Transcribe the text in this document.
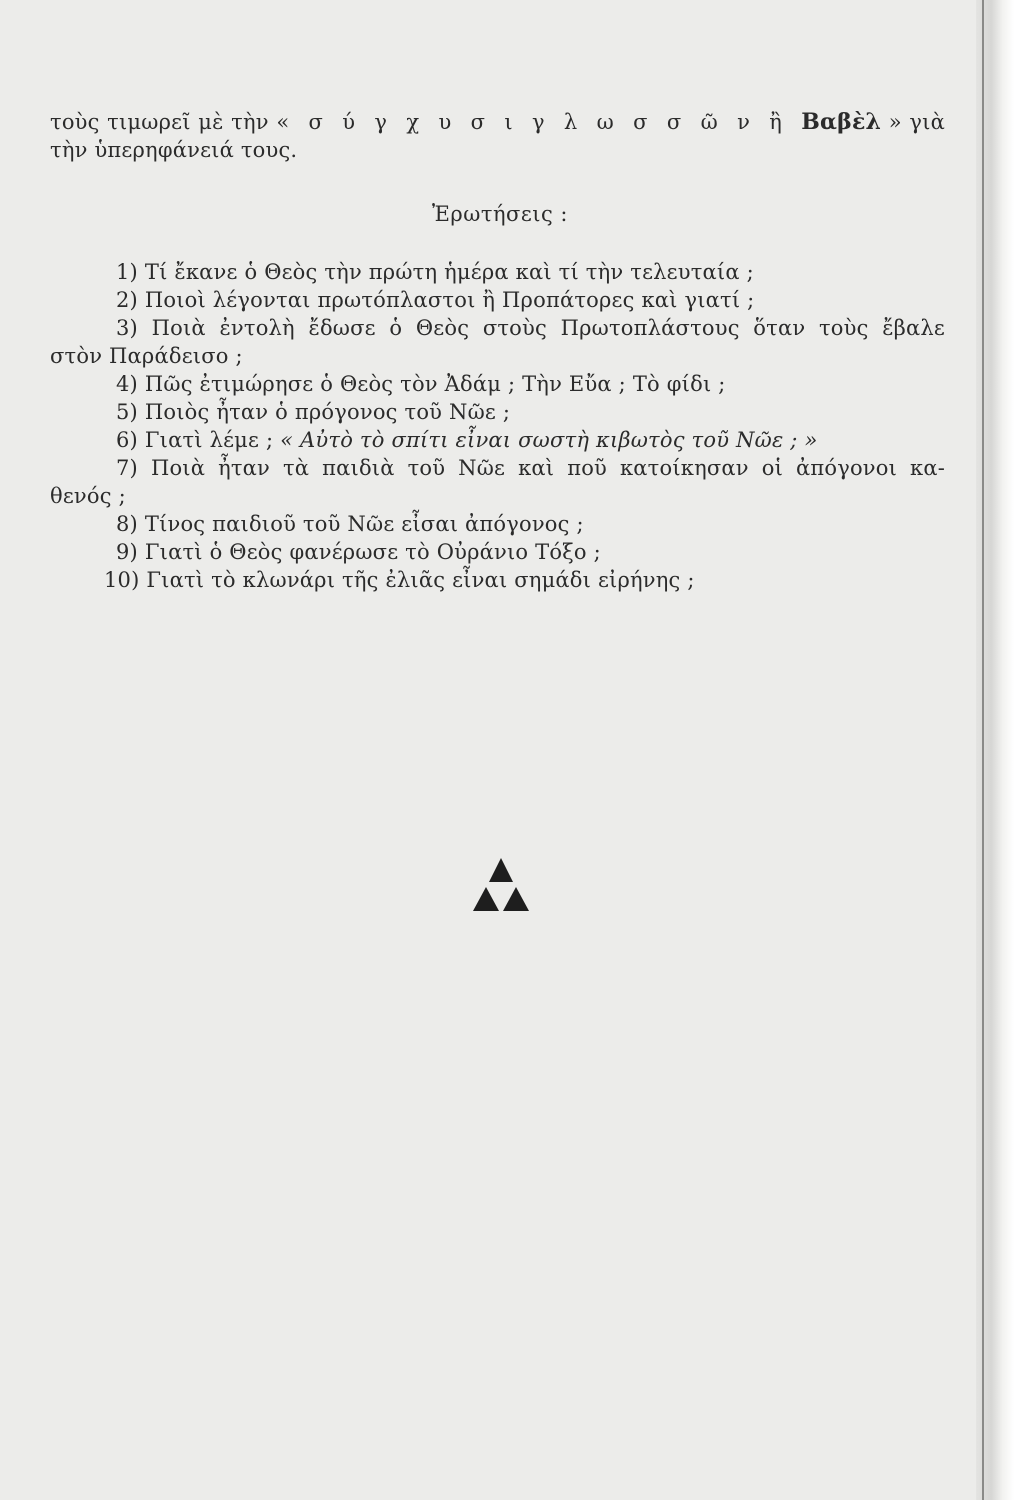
τοὺς τιμωρεῖ μὲ τὴν « σ ύ γ χ υ σ ι γ λ ω σ σ ῶ ν ἢ Βαβὲλ » γιὰ
τὴν ὑπερηφάνειά τους.
Ἐρωτήσεις :
1) Τί ἔκανε ὁ Θεὸς τὴν πρώτη ἡμέρα καὶ τί τὴν τελευταία ;
2) Ποιοὶ λέγονται πρωτόπλαστοι ἢ Προπάτορες καὶ γιατί ;
3) Ποιὰ ἐντολὴ ἔδωσε ὁ Θεὸς στοὺς Πρωτοπλάστους ὅταν τοὺς ἔβαλε
στὸν Παράδεισο ;
4) Πῶς ἐτιμώρησε ὁ Θεὸς τὸν Ἀδάμ ; Τὴν Εὔα ; Τὸ φίδι ;
5) Ποιὸς ἦταν ὁ πρόγονος τοῦ Νῶε ;
6) Γιατὶ λέμε ; « Αὐτὸ τὸ σπίτι εἶναι σωστὴ κιβωτὸς τοῦ Νῶε ; »
7) Ποιὰ ἦταν τὰ παιδιὰ τοῦ Νῶε καὶ ποῦ κατοίκησαν οἱ ἀπόγονοι κα-
θενός ;
8) Τίνος παιδιοῦ τοῦ Νῶε εἶσαι ἀπόγονος ;
9) Γιατὶ ὁ Θεὸς φανέρωσε τὸ Οὐράνιο Τόξο ;
10) Γιατὶ τὸ κλωνάρι τῆς ἐλιᾶς εἶναι σημάδι εἰρήνης ;
